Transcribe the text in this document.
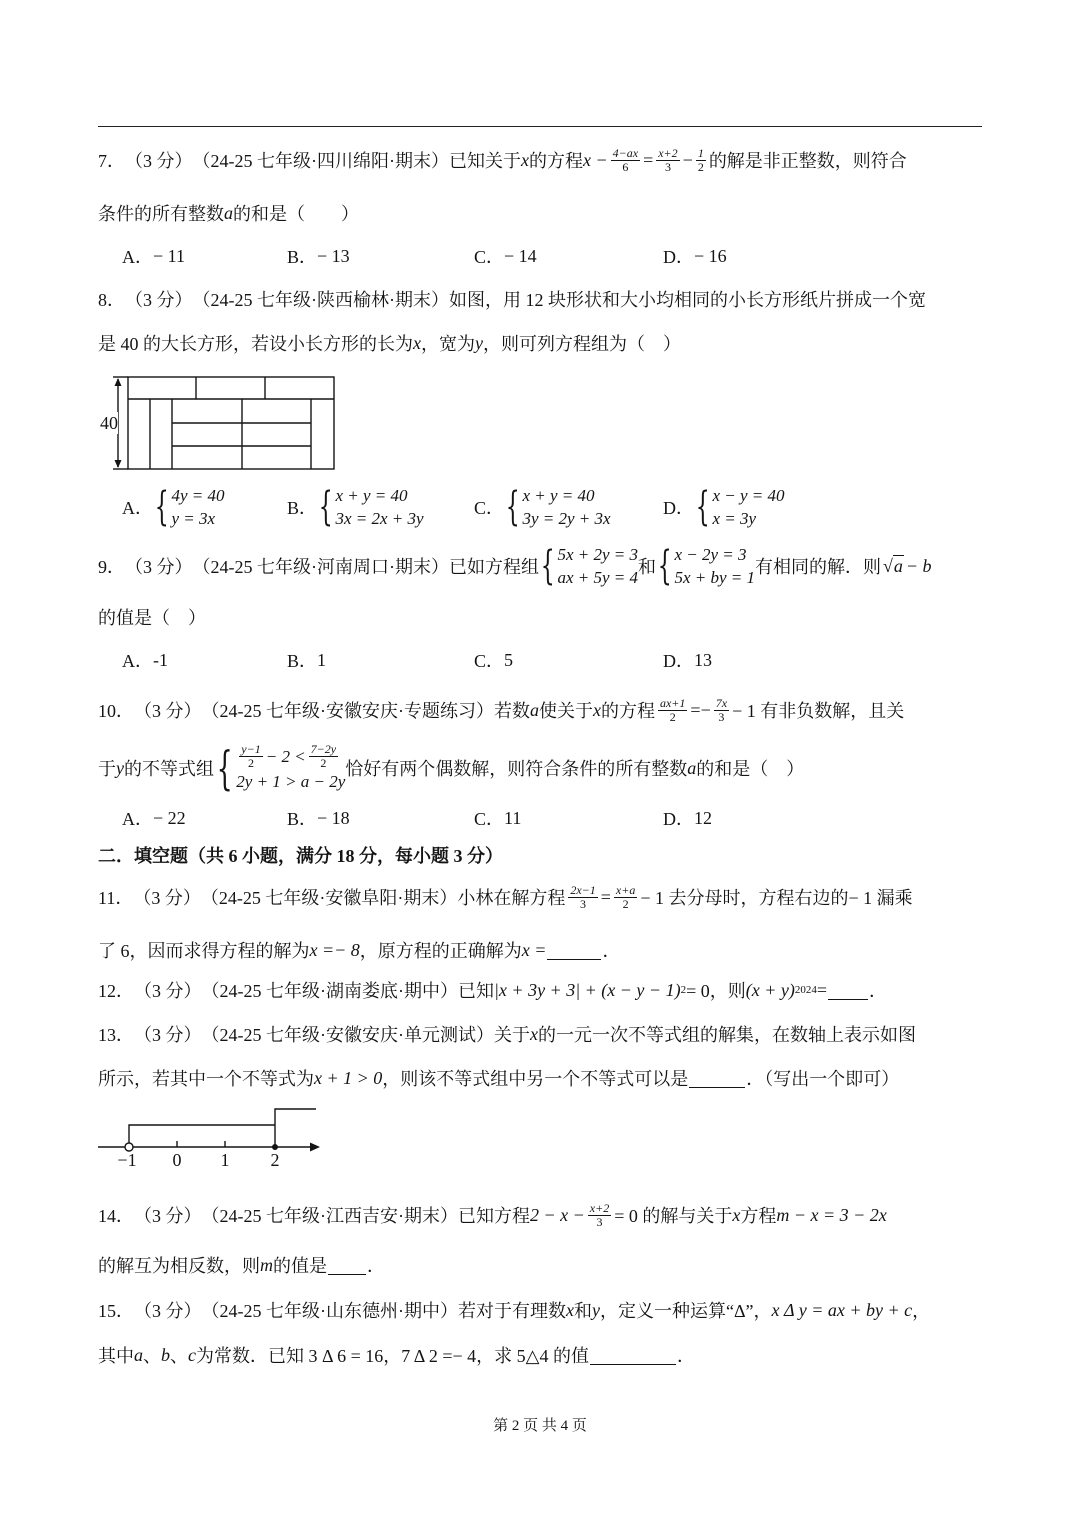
7． （3 分） （24-25 七年级·四川绵阳·期末） 已知关于 x 的方程 $x - \frac{4-ax}{6} = \frac{x+2}{3} - \frac{1}{2}$ 的解是非正整数，则符合
条件的所有整数 a 的和是（　　）
A． − 11	B． − 13	C． − 14	D． − 16
8． （3 分） （24-25 七年级·陕西榆林·期末） 如图，用 12 块形状和大小均相同的小长方形纸片拼成一个宽
是 40 的大长方形，若设小长方形的长为 x ，宽为 y ，则可列方程组为（　）
40
A． { 4y = 40
y = 3x
B． { x + y = 40
3x = 2x + 3y
C． { x + y = 40
3y = 2y + 3x
D． { x − y = 40
x = 3y
9． （3 分） （24-25 七年级·河南周口·期末） 已如方程组 { 5x + 2y = 3
ax + 5y = 4
和 { x − 2y = 3
5x + by = 1
有相同的解．则 √ a − b
的值是（　）
A． -1	B． 1	C． 5	D． 13
10． （3 分） （24-25 七年级·安徽安庆·专题练习） 若数 a 使关于 x 的方程 $\frac{ax+1}{2} =- \frac{7x}{3} - 1$ 有非负数解，且关
于 y 的不等式组 { $\frac{y-1}{2} - 2 < \frac{7-2y}{2}$
2y + 1 > a − 2y
恰好有两个偶数解，则符合条件的所有整数 a 的和是（　）
A． − 22	B． − 18	C． 11	D． 12
二．填空题（共 6 小题，满分 18 分，每小题 3 分）
11． （3 分） （24-25 七年级·安徽阜阳·期末） 小林在解方程 $\frac{2x-1}{3} = \frac{x+a}{2} - 1$ 去分母时，方程右边的− 1 漏乘
了 6，因而求得方程的解为 x =− 8 ，原方程的正确解为 x =	．
12． （3 分） （24-25 七年级·湖南娄底·期中） 已知 |x + 3y + 3| + (x − y − 1) 2 = 0，则 (x + y) 2024 = ．
13． （3 分） （24-25 七年级·安徽安庆·单元测试） 关于 x 的一元一次不等式组的解集，在数轴上表示如图
所示，若其中一个不等式为 x + 1 > 0 ，则该不等式组中另一个不等式可以是	．（写出一个即可）
−1 0 1 2
14． （3 分） （24-25 七年级·江西吉安·期末） 已知方程 $2 - x - \frac{x+2}{3} = 0$ 的解与关于 x 方程 m − x = 3 − 2x
的解互为相反数，则 m 的值是 ．
15． （3 分） （24-25 七年级·山东德州·期中） 若对于有理数 x 和 y ，定义一种运算“Δ”， x Δ y = ax + by + c ，
其中 a 、 b 、 c 为常数．已知 3 Δ 6 = 16，7 Δ 2 =− 4，求 5△4 的值	．
第 2 页 共 4 页
